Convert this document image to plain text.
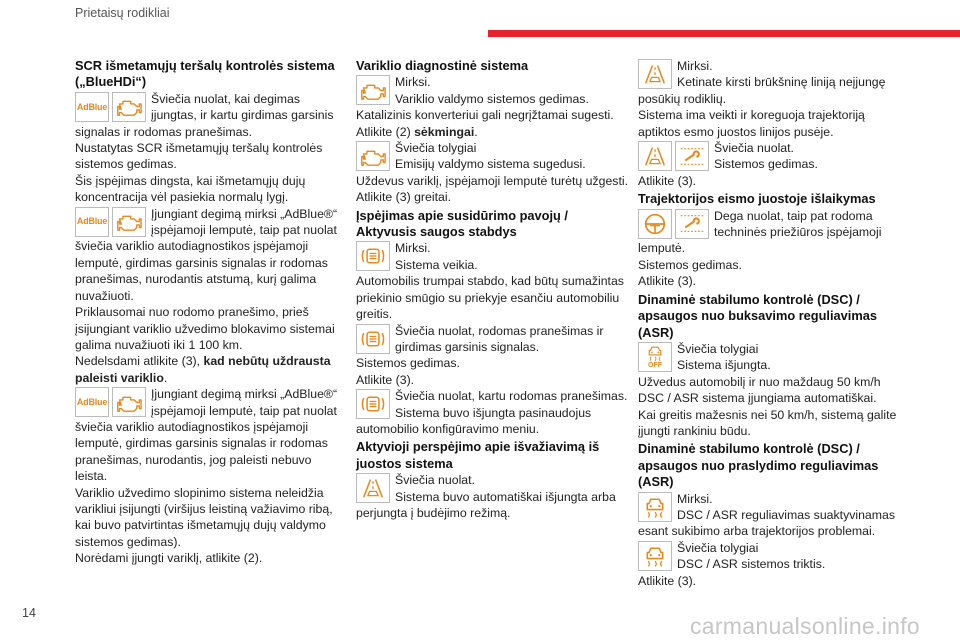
Prietaisų rodikliai
SCR išmetamųjų teršalų kontrolės sistema („BlueHDi“)
AdBlue

Šviečia nuolat, kai degimas įjungtas, ir kartu girdimas garsinis signalas ir rodomas pranešimas.

Nustatytas SCR išmetamųjų teršalų kontrolės sistemos gedimas.

Šis įspėjimas dingsta, kai išmetamųjų dujų koncentracija vėl pasiekia normalų lygį.

AdBlue

Įjungiant degimą mirksi „AdBlue®“ įspėjamoji lemputė, taip pat nuolat šviečia variklio autodiagnostikos įspėjamoji lemputė, girdimas garsinis signalas ir rodomas pranešimas, nurodantis atstumą, kurį galima nuvažiuoti.

Priklausomai nuo rodomo pranešimo, prieš įsijungiant variklio užvedimo blokavimo sistemai galima nuvažiuoti iki 1 100 km.

Nedelsdami atlikite (3), kad nebūtų uždrausta paleisti variklio.

AdBlue

Įjungiant degimą mirksi „AdBlue®“ įspėjamoji lemputė, taip pat nuolat šviečia variklio autodiagnostikos įspėjamoji lemputė, girdimas garsinis signalas ir rodomas pranešimas, nurodantis, jog paleisti nebuvo leista.

Variklio užvedimo slopinimo sistema neleidžia varikliui įsijungti (viršijus leistiną važiavimo ribą, kai buvo patvirtintas išmetamųjų dujų valdymo sistemos gedimas).

Norėdami įjungti variklį, atlikite (2).

Variklio diagnostinė sistema

Mirksi.

Variklio valdymo sistemos gedimas.

Katalizinis konverteriui gali negrįžtamai sugesti.

Atlikite (2) sėkmingai.

Šviečia tolygiai

Emisijų valdymo sistema sugedusi.

Uždevus variklį, įspėjamoji lemputė turėtų užgesti.

Atlikite (3) greitai.

Įspėjimas apie susidūrimo pavojų / Aktyvusis saugos stabdys

Mirksi.

Sistema veikia.

Automobilis trumpai stabdo, kad būtų sumažintas priekinio smūgio su priekyje esančiu automobiliu greitis.

Šviečia nuolat, rodomas pranešimas ir girdimas garsinis signalas.

Sistemos gedimas.

Atlikite (3).

Šviečia nuolat, kartu rodomas pranešimas.

Sistema buvo išjungta pasinaudojus automobilio konfigūravimo meniu.

Aktyvioji perspėjimo apie išvažiavimą iš juostos sistema

Šviečia nuolat.

Sistema buvo automatiškai išjungta arba perjungta į budėjimo režimą.

Mirksi.

Ketinate kirsti brūkšninę liniją neįjungę posūkių rodiklių.

Sistema ima veikti ir koreguoja trajektoriją aptiktos esmo juostos linijos pusėje.

Šviečia nuolat.

Sistemos gedimas.

Atlikite (3).

Trajektorijos eismo juostoje išlaikymas

Dega nuolat, taip pat rodoma techninės priežiūros įspėjamoji lemputė.

Sistemos gedimas.

Atlikite (3).

Dinaminė stabilumo kontrolė (DSC) / apsaugos nuo buksavimo reguliavimas (ASR)
OFF

Šviečia tolygiai

Sistema išjungta.

Užvedus automobilį ir nuo maždaug 50 km/h DSC / ASR sistema įjungiama automatiškai.

Kai greitis mažesnis nei 50 km/h, sistemą galite įjungti rankiniu būdu.

Dinaminė stabilumo kontrolė (DSC) / apsaugos nuo praslydimo reguliavimas (ASR)

Mirksi.

DSC / ASR reguliavimas suaktyvinamas esant sukibimo arba trajektorijos problemai.

Šviečia tolygiai

DSC / ASR sistemos triktis.

Atlikite (3).

14	carmanualsonline.info
